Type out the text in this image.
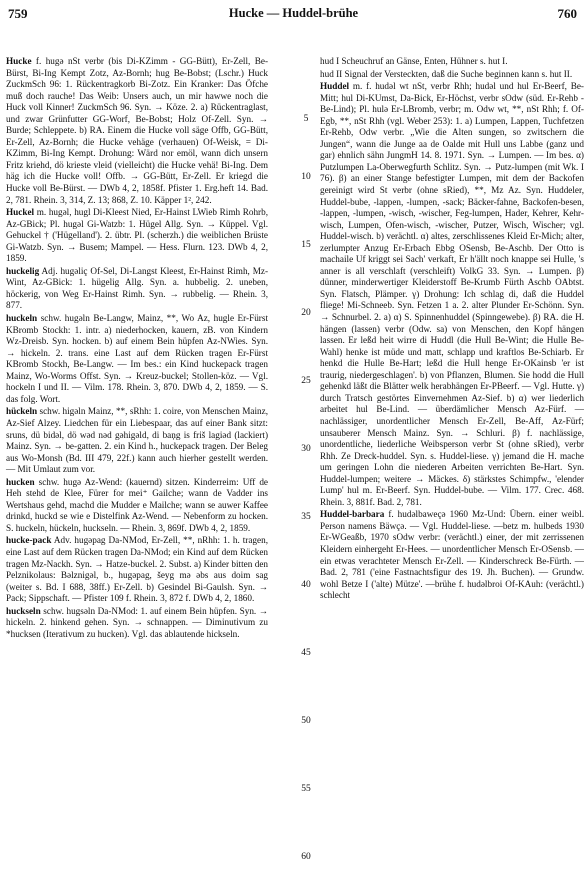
759	Hucke — Huddel-brühe	760
5
10
15
20
25
30
35
40
45
50
55
60

Hucke f. hugə nSt verbr (bis Di-KZimm - GG-Bütt), Er-Zell, Be-Bürst, Bi-Ing Kempt Zotz, Az-Bornh; hug Be-Bobst; (Lschr.) Huck ZuckmSch 96: 1. Rückentragkorb Bi-Zotz. Ein Kranker: Das Öfche muß doch rauche! Das Weib: Unsers auch, un mir hawwe noch die Huck voll Kinner! ZuckmSch 96. Syn. → Köze. 2. a) Rückentraglast, und zwar Grünfutter GG-Worf, Be-Bobst; Holz Of-Zell. Syn. → Burde; Schleppete. b) RA. Einem die Hucke voll säge Offb, GG-Bütt, Er-Zell, Az-Bornh; die Hucke vehäge (verhauen) Of-Weisk, = Di-KZimm, Bi-Ing Kempt. Drohung: Wärd nor emöl, wann dich unsern Fritz kriehd, dö krieste vleid (vielleicht) die Hucke vehä! Bi-Ing. Dem häg ich die Hucke voll! Offb. → GG-Bütt, Er-Zell. Er kriegd die Hucke voll Be-Bürst. — DWb 4, 2, 1858f. Pfister 1. Erg.heft 14. Bad. 2, 781. Rhein. 3, 314, Z. 13; 868, Z. 10. Käpper 1², 242.

Huckel m. hugəl, hugl Di-Kleest Nied, Er-Hainst LWieb Rimh Rohrb, Az-GBick; Pl. hugəl Gi-Watzb: 1. Hügel Allg. Syn. → Küppel. Vgl. Gehuckel † ('Hügelland'). 2. übtr. Pl. (scherzh.) die weiblichen Brüste Gi-Watzb. Syn. → Busem; Mampel. — Hess. Flurn. 123. DWb 4, 2, 1859.

huckelig Adj. hugəliç Of-Sel, Di-Langst Kleest, Er-Hainst Rimh, Mz-Wint, Az-GBick: 1. hügelig Allg. Syn. a. hubbelig. 2. uneben, höckerig, von Weg Er-Hainst Rimh. Syn. → rubbelig. — Rhein. 3, 877.

huckeln schw. hugəln Be-Langw, Mainz, **, Wo Az, hugle Er-Fürst KBromb Stockh: 1. intr. a) niederhocken, kauern, zB. von Kindern Wz-Dreisb. Syn. hocken. b) auf einem Bein hüpfen Az-NWies. Syn. → hickeln. 2. trans. eine Last auf dem Rücken tragen Er-Fürst KBromb Stockh, Be-Langw. — Im bes.: ein Kind huckepack tragen Mainz, Wo-Worms Offst. Syn. → Kreuz-buckel; Stollen-köz. — Vgl. hockeln I und II. — Vilm. 178. Rhein. 3, 870. DWb 4, 2, 1859. — S. das folg. Wort.

hückeln schw. higəln Mainz, **, sRhh: 1. coire, von Menschen Mainz, Az-Sief Alzey. Liedchen für ein Liebespaar, das auf einer Bank sitzt: sruns, dü bidəl, dö wəd nəd gəhigəld, di baņg is friš lagiəd (lackiert) Mainz. Syn. → be-gatten. 2. ein Kind h., huckepack tragen. Der Beleg aus Wo-Monsh (Bd. III 479, 22f.) kann auch hierher gestellt werden. — Mit Umlaut zum vor.

hucken schw. hugə Az-Wend: (kauernd) sitzen. Kinderreim: Uff de Heh stehd de Klee, Fürer for mei⁺ Gailche; wann de Vadder ins Wertshaus gehd, machd die Mudder e Mailche; wann se auwer Kaffee drinkd, huckd se wie e Distelfink Az-Wend. — Nebenform zu hocken. S. huckeln, hückeln, huckseln. — Rhein. 3, 869f. DWb 4, 2, 1859.

hucke-pack Adv. hugəpag Da-NMod, Er-Zell, **, nRhh: 1. h. tragen, eine Last auf dem Rücken tragen Da-NMod; ein Kind auf dem Rücken tragen Mz-Nackh. Syn. → Hatze-buckel. 2. Subst. a) Kinder bitten den Pelznikolaus: Bəlznigəl, b., hugəpag, šeyg mə əbs aus doim sag (weiter s. Bd. I 688, 38ff.) Er-Zell. b) Gesindel Bi-Gaulsh. Syn. → Pack; Sippschaft. — Pfister 109 f. Rhein. 3, 872 f. DWb 4, 2, 1860.

huckseln schw. hugsəln Da-NMod: 1. auf einem Bein hüpfen. Syn. → hickeln. 2. hinkend gehen. Syn. → schnappen. — Diminutivum zu *hucksen (Iterativum zu hucken). Vgl. das ablautende hickseln.

hud I Scheuchruf an Gänse, Enten, Hühner s. hut I.

hud II Signal der Versteckten, daß die Suche beginnen kann s. hut II.

Huddel m. f. hudəl wt nSt, verbr Rhh; hudəl und hul Er-Beerf, Be-Mitt; hul Di-KUmst, Da-Bick, Er-Höchst, verbr sOdw (süd. Er-Rehb - Be-Lind); Pl. hulə Er-LBromb, verbr; m. Odw wt, **, nSt Rhh; f. Of-Egb, **, nSt Rhh (vgl. Weber 253): 1. a) Lumpen, Lappen, Tuchfetzen Er-Rehb, Odw verbr. „Wie die Alten sungen, so zwitschern die Jungen“, wann die Junge aa de Oalde mit Hull uns Labbe (ganz und gar) ehnlich sähn JungmH 14. 8. 1971. Syn. → Lumpen. — Im bes. α) Putzlumpen La-Oberwegfurth Schlitz. Syn. → Putz-lumpen (mit Wk. I 76). β) an einer Stange befestigter Lumpen, mit dem der Backofen gereinigt wird St verbr (ohne sRied), **, Mz Az. Syn. Huddeler, Huddel-bube, -lappen, -lumpen, -sack; Bäcker-fahne, Backofen-besen, -lappen, -lumpen, -wisch, -wischer, Feg-lumpen, Hader, Kehrer, Kehr-wisch, Lumpen, Ofen-wisch, -wischer, Putzer, Wisch, Wischer; vgl. Huddel-wisch. b) verächtl. α) altes, zerschlissenes Kleid Er-Mich; alter, zerlumpter Anzug Er-Erbach Ebbg OSensb, Be-Aschb. Der Otto is machaile Uf kriggt sei Sach' verkaft, Er h'ällt noch knappe sei Hulle, 's anner is all verschlaft (verschleift) VolkG 33. Syn. → Lumpen. β) dünner, minderwertiger Kleiderstoff Be-Krumb Fürth Aschb OAbtst. Syn. Flatsch, Plämper. γ) Drohung: Ich schlag di, daß die Huddel fliege! Mi-Schneeb. Syn. Fetzen 1 a. 2. alter Plunder Er-Schönn. Syn. → Schnurbel. 2. a) α) S. Spinnenhuddel (Spinngewebe). β) RA. die H. hängen (lassen) verbr (Odw. sa) von Menschen, den Kopf hängen lassen. Er leßd heit wirre di Huddl (die Hull Be-Wint; die Hulle Be-Wahl) henke ist müde und matt, schlapp und kraftlos Be-Schiarb. Er henkd die Hulle Be-Hart; leßd die Hull henge Er-OKainsb 'er ist traurig, niedergeschlagen'. b) von Pflanzen, Blumen. Sie hodd die Hull gehenkd läßt die Blätter welk herabhängen Er-PBeerf. — Vgl. Hutte. γ) durch Tratsch gestörtes Einvernehmen Az-Sief. b) α) wer liederlich arbeitet hul Be-Lind. — überdämlicher Mensch Az-Fürf. — nachlässiger, unordentlicher Mensch Er-Zell, Be-Aff, Az-Fürf; unsauberer Mensch Mainz. Syn. → Schluri. β) f. nachlässige, unordentliche, liederliche Weibsperson verbr St (ohne sRied), verbr Rhh. Ze Dreck-huddel. Syn. s. Huddel-liese. γ) jemand die H. mache um geringen Lohn die niederen Arbeiten verrichten Be-Hart. Syn. Huddel-lumpen; weitere → Mäckes. δ) stärkstes Schimpfw., 'elender Lump' hul m. Er-Beerf. Syn. Huddel-bube. — Vilm. 177. Crec. 468. Rhein. 3, 881f. Bad. 2, 781.

Huddel-barbara f. hudəlbaweçə 1960 Mz-Und: Übern. einer weibl. Person namens Bäwçə. — Vgl. Huddel-liese. —betz m. hulbeds 1930 Er-WGeaßb, 1970 sOdw verbr: (verächtl.) einer, der mit zerrissenen Kleidern einhergeht Er-Hees. — unordentlicher Mensch Er-OSensb. — ein etwas verachteter Mensch Er-Zell. — Kinderschreck Be-Fürth. — Bad. 2, 781 ('eine Fastnachtsfigur des 19. Jh. Buchen). — Grundw. wohl Betze I ('alte) Mütze'. —brühe f. hudəlbroi Of-KAuh: (verächtl.) schlecht
